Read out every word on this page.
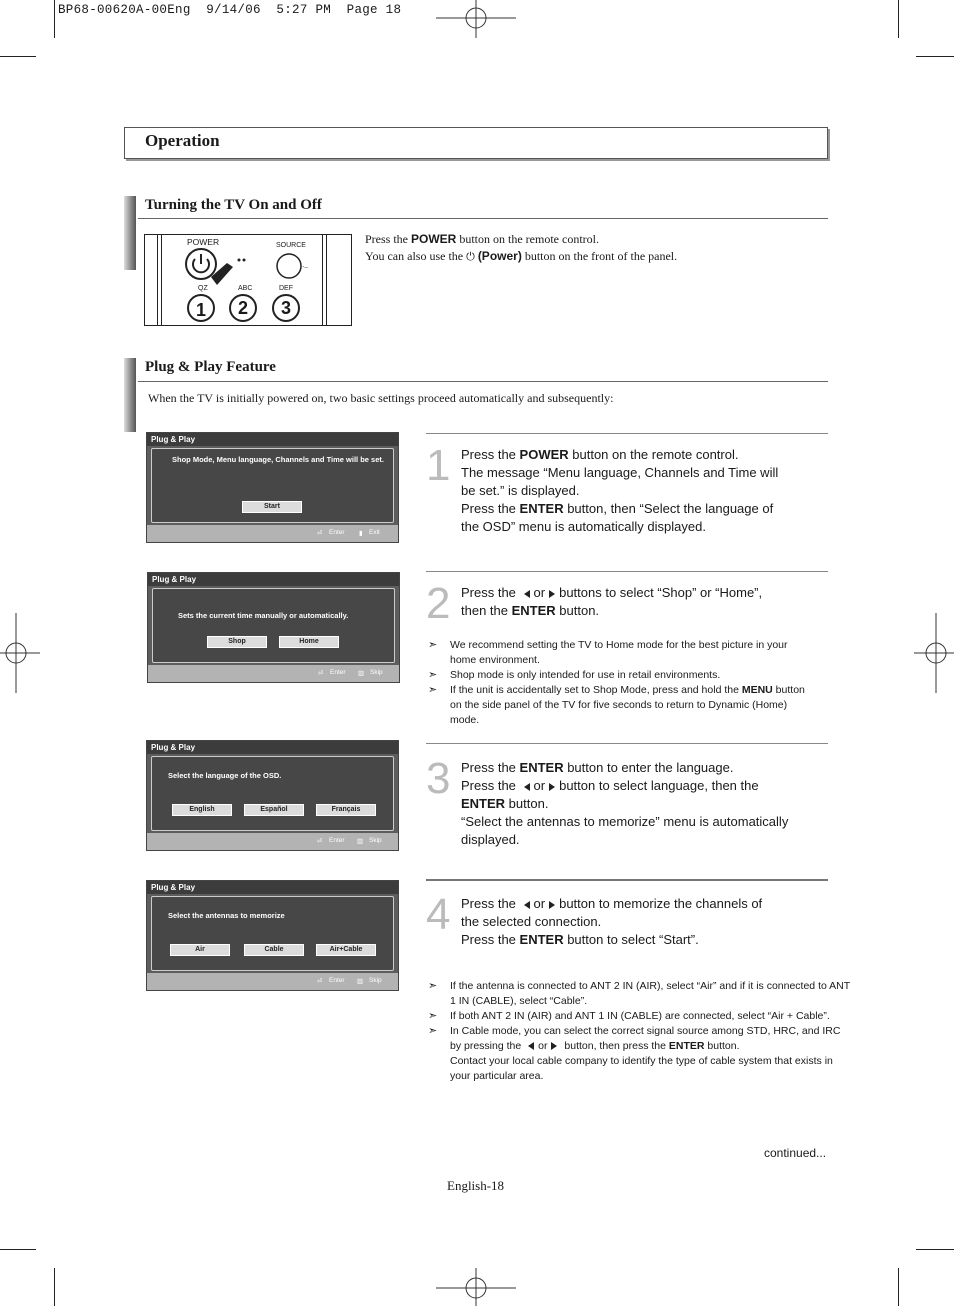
BP68-00620A-00Eng  9/14/06  5:27 PM  Page 18
Operation
Turning the TV On and Off
POWER	SOURCE
·–
QZ	ABC	DEF
1	2	3
Press the POWER button on the remote control.
You can also use the ⏻ (Power) button on the front of the panel.
Plug & Play Feature
When the TV is initially powered on, two basic settings proceed automatically and subsequently:
Plug & Play
Shop Mode, Menu language, Channels and Time will be set.
Start
⏎ Enter ▮ Exit
Plug & Play
Sets the current time manually or automatically.
Shop	Home
⏎ Enter ▥ Skip
Plug & Play
Select the language of the OSD.
English	Español	Français
⏎ Enter ▥ Skip
Plug & Play
Select the antennas to memorize
Air	Cable	Air+Cable
⏎ Enter ▥ Skip
1 Press the POWER button on the remote control.
The message “Menu language, Channels and Time will be set.” is displayed.
Press the ENTER button, then “Select the language of the OSD” menu is automatically displayed.
2 Press the or buttons to select “Shop” or “Home”,
then the ENTER button.
➣ We recommend setting the TV to Home mode for the best picture in your home environment.
➣ Shop mode is only intended for use in retail environments.
➣ If the unit is accidentally set to Shop Mode, press and hold the MENU button on the side panel of the TV for five seconds to return to Dynamic (Home) mode.
3 Press the ENTER button to enter the language.
Press the or button to select language, then the
ENTER button.
“Select the antennas to memorize” menu is automatically displayed.
4 Press the or button to memorize the channels of
the selected connection.
Press the ENTER button to select “Start”.
➣ If the antenna is connected to ANT 2 IN (AIR), select “Air” and if it is connected to ANT 1 IN (CABLE), select “Cable”.
➣ If both ANT 2 IN (AIR) and ANT 1 IN (CABLE) are connected, select “Air + Cable”.
➣ In Cable mode, you can select the correct signal source among STD, HRC, and IRC by pressing the or button, then press the ENTER button.
Contact your local cable company to identify the type of cable system that exists in your particular area.
continued...
English-18
